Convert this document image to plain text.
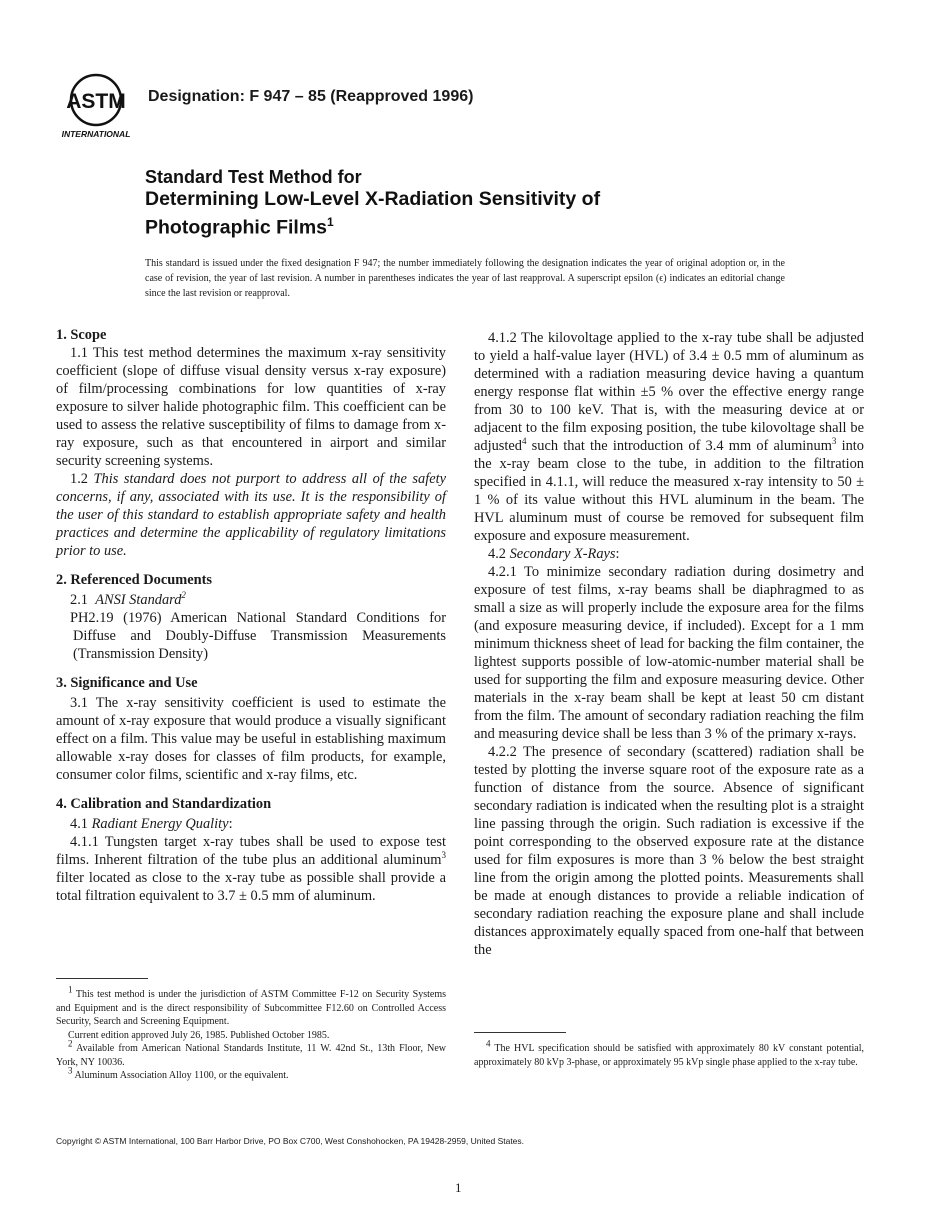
ASTM
INTERNATIONAL
Designation: F 947 – 85 (Reapproved 1996)
Standard Test Method for
Determining Low-Level X-Radiation Sensitivity of
Photographic Films$^1$
This standard is issued under the fixed designation F 947; the number immediately following the designation indicates the year of original adoption or, in the case of revision, the year of last revision. A number in parentheses indicates the year of last reapproval. A superscript epsilon (ϵ) indicates an editorial change since the last revision or reapproval.
1. Scope

1.1 This test method determines the maximum x-ray sensitivity coefficient (slope of diffuse visual density versus x-ray exposure) of film/processing combinations for low quantities of x-ray exposure to silver halide photographic film. This coefficient can be used to assess the relative susceptibility of films to damage from x-ray exposure, such as that encountered in airport and similar security screening systems.

1.2 This standard does not purport to address all of the safety concerns, if any, associated with its use. It is the responsibility of the user of this standard to establish appropriate safety and health practices and determine the applicability of regulatory limitations prior to use.

2. Referenced Documents

2.1 ANSI Standard$^2$

PH2.19 (1976) American National Standard Conditions for Diffuse and Doubly-Diffuse Transmission Measurements (Transmission Density)

3. Significance and Use

3.1 The x-ray sensitivity coefficient is used to estimate the amount of x-ray exposure that would produce a visually significant effect on a film. This value may be useful in establishing maximum allowable x-ray doses for classes of film products, for example, consumer color films, scientific and x-ray films, etc.

4. Calibration and Standardization

4.1 Radiant Energy Quality:

4.1.1 Tungsten target x-ray tubes shall be used to expose test films. Inherent filtration of the tube plus an additional aluminum$^3$ filter located as close to the x-ray tube as possible shall provide a total filtration equivalent to 3.7 ± 0.5 mm of aluminum.

$^1$ This test method is under the jurisdiction of ASTM Committee F-12 on Security Systems and Equipment and is the direct responsibility of Subcommittee F12.60 on Controlled Access Security, Search and Screening Equipment.

Current edition approved July 26, 1985. Published October 1985.

$^2$ Available from American National Standards Institute, 11 W. 42nd St., 13th Floor, New York, NY 10036.

$^3$ Aluminum Association Alloy 1100, or the equivalent.

4.1.2 The kilovoltage applied to the x-ray tube shall be adjusted to yield a half-value layer (HVL) of 3.4 ± 0.5 mm of aluminum as determined with a radiation measuring device having a quantum energy response flat within ±5 % over the effective energy range from 30 to 100 keV. That is, with the measuring device at or adjacent to the film exposing position, the tube kilovoltage shall be adjusted$^4$ such that the introduction of 3.4 mm of aluminum$^3$ into the x-ray beam close to the tube, in addition to the filtration specified in 4.1.1, will reduce the measured x-ray intensity to 50 ± 1 % of its value without this HVL aluminum in the beam. The HVL aluminum must of course be removed for subsequent film exposure and exposure measurement.

4.2 Secondary X-Rays:

4.2.1 To minimize secondary radiation during dosimetry and exposure of test films, x-ray beams shall be diaphragmed to as small a size as will properly include the exposure area for the films (and exposure measuring device, if included). Except for a 1 mm minimum thickness sheet of lead for backing the film container, the lightest supports possible of low-atomic-number material shall be used for supporting the film and exposure measuring device. Other materials in the x-ray beam shall be kept at least 50 cm distant from the film. The amount of secondary radiation reaching the film and measuring device shall be less than 3 % of the primary x-rays.

4.2.2 The presence of secondary (scattered) radiation shall be tested by plotting the inverse square root of the exposure rate as a function of distance from the source. Absence of significant secondary radiation is indicated when the resulting plot is a straight line passing through the origin. Such radiation is excessive if the point corresponding to the observed exposure rate at the distance used for film exposures is more than 3 % below the best straight line from the origin among the plotted points. Measurements shall be made at enough distances to provide a reliable indication of secondary radiation reaching the exposure plane and shall include distances approximately equally spaced from one-half that between the

$^4$ The HVL specification should be satisfied with approximately 80 kV constant potential, approximately 80 kVp 3-phase, or approximately 95 kVp single phase applied to the x-ray tube.

Copyright © ASTM International, 100 Barr Harbor Drive, PO Box C700, West Conshohocken, PA 19428-2959, United States.
1
